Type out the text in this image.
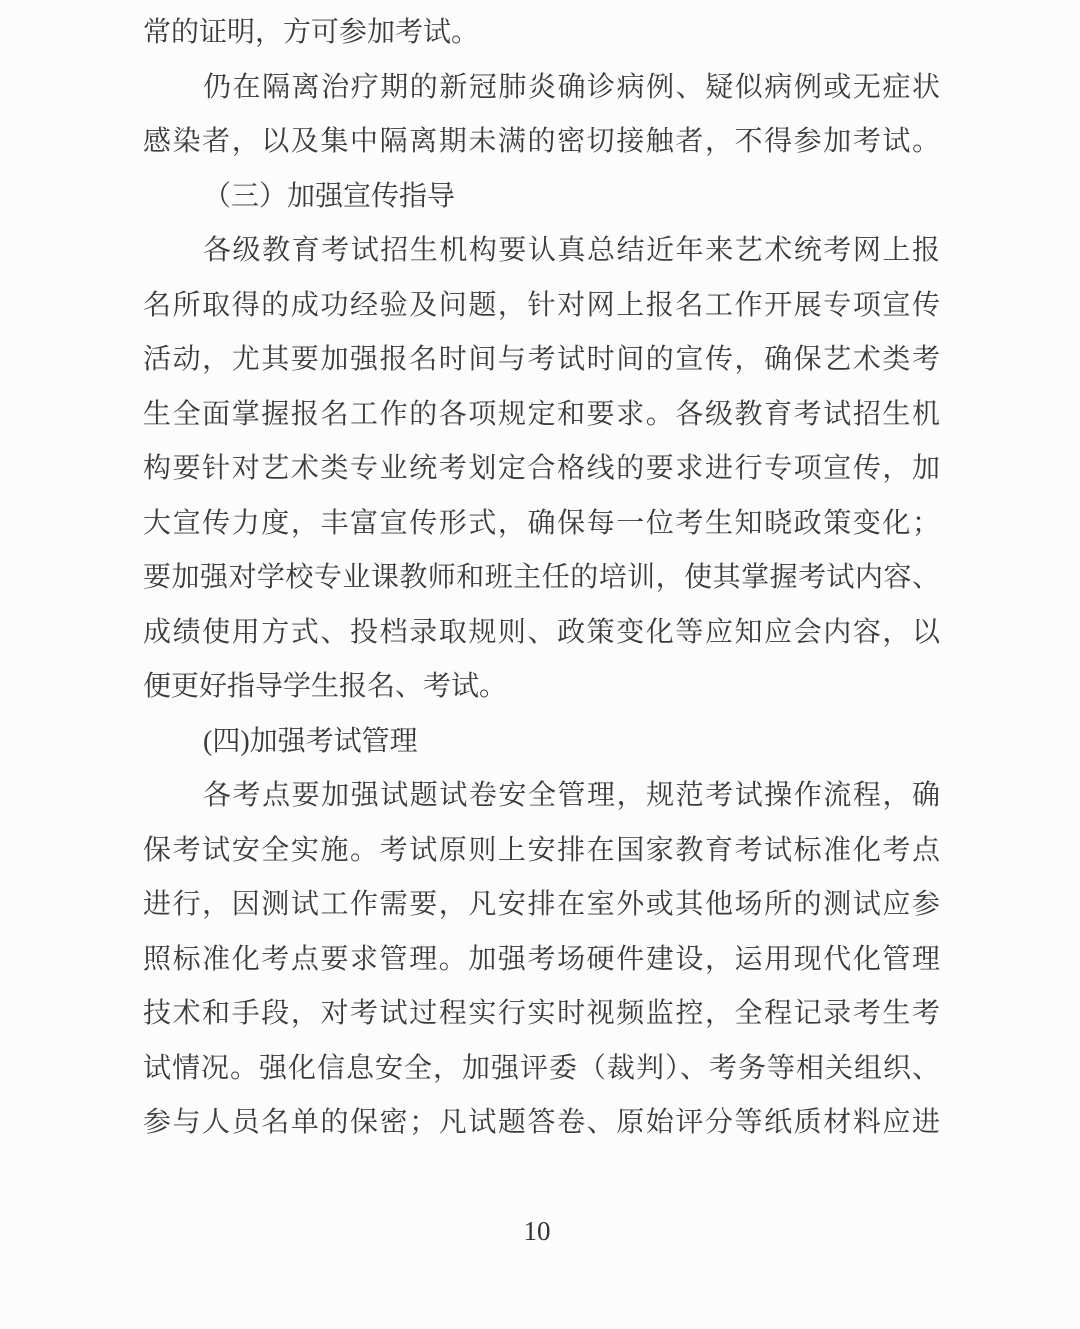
常的证明，方可参加考试。
仍在隔离治疗期的新冠肺炎确诊病例、疑似病例或无症状
感染者，以及集中隔离期未满的密切接触者，不得参加考试。
（三）加强宣传指导
各级教育考试招生机构要认真总结近年来艺术统考网上报
名所取得的成功经验及问题，针对网上报名工作开展专项宣传
活动，尤其要加强报名时间与考试时间的宣传，确保艺术类考
生全面掌握报名工作的各项规定和要求。各级教育考试招生机
构要针对艺术类专业统考划定合格线的要求进行专项宣传，加
大宣传力度，丰富宣传形式，确保每一位考生知晓政策变化；
要加强对学校专业课教师和班主任的培训，使其掌握考试内容、
成绩使用方式、投档录取规则、政策变化等应知应会内容，以
便更好指导学生报名、考试。
(四)加强考试管理
各考点要加强试题试卷安全管理，规范考试操作流程，确
保考试安全实施。考试原则上安排在国家教育考试标准化考点
进行，因测试工作需要，凡安排在室外或其他场所的测试应参
照标准化考点要求管理。加强考场硬件建设，运用现代化管理
技术和手段，对考试过程实行实时视频监控，全程记录考生考
试情况。强化信息安全，加强评委（裁判）、考务等相关组织、
参与人员名单的保密；凡试题答卷、原始评分等纸质材料应进
10
